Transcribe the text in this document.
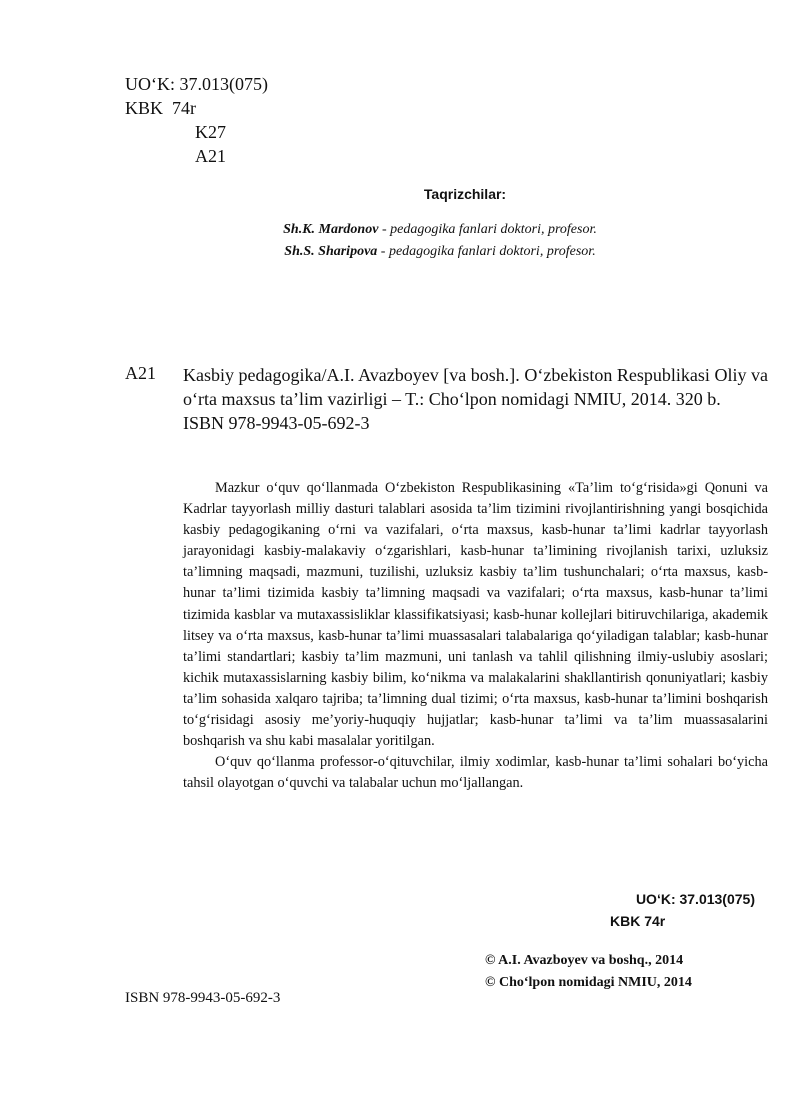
UO‘K: 37.013(075)
KBK  74r
K27
A21
Taqrizchilar:
Sh.K. Mardonov - pedagogika fanlari doktori, profesor.
Sh.S. Sharipova - pedagogika fanlari doktori, profesor.
A21 Kasbiy pedagogika/A.I. Avazboyev [va bosh.]. O‘zbekiston Respublikasi Oliy va o‘rta maxsus ta’lim vazirligi – T.: Cho‘lpon nomidagi NMIU, 2014. 320 b.

ISBN 978-9943-05-692-3

Mazkur o‘quv qo‘llanmada O‘zbekiston Respublikasining «Ta’lim to‘g‘risida»gi Qonuni va Kadrlar tayyorlash milliy dasturi talablari asosida ta’lim tizimini rivojlantirishning yangi bosqichida kasbiy pedagogikaning o‘rni va vazifalari, o‘rta maxsus, kasb-hunar ta’limi kadrlar tayyorlash jarayonidagi kasbiy-malakaviy o‘zgarishlari, kasb-hunar ta’limining rivojlanish tarixi, uzluksiz ta’limning maqsadi, mazmuni, tuzilishi, uzluksiz kasbiy ta’lim tushunchalari; o‘rta maxsus, kasb-hunar ta’limi tizimida kasbiy ta’limning maqsadi va vazifalari; o‘rta maxsus, kasb-hunar ta’limi tizimida kasblar va mutaxassisliklar klassifikatsiyasi; kasb-hunar kollejlari bitiruvchilariga, akademik litsey va o‘rta maxsus, kasb-hunar ta’limi muassasalari talabalariga qo‘yiladigan talablar; kasb-hunar ta’limi standartlari; kasbiy ta’lim mazmuni, uni tanlash va tahlil qilishning ilmiy-uslubiy asoslari; kichik mutaxassislarning kasbiy bilim, ko‘nikma va malakalarini shakllantirish qonuniyatlari; kasbiy ta’lim sohasida xalqaro tajriba; ta’limning dual tizimi; o‘rta maxsus, kasb-hunar ta’limini boshqarish to‘g‘risidagi asosiy me’yoriy-huquqiy hujjatlar; kasb-hunar ta’limi va ta’lim muassasalarini boshqarish va shu kabi masalalar yoritilgan.

O‘quv qo‘llanma professor-o‘qituvchilar, ilmiy xodimlar, kasb-hunar ta’limi sohalari bo‘yicha tahsil olayotgan o‘quvchi va talabalar uchun mo‘ljallangan.

UO‘K: 37.013(075)
KBK 74r
© A.I. Avazboyev va boshq., 2014
© Cho‘lpon nomidagi NMIU, 2014
ISBN 978-9943-05-692-3
